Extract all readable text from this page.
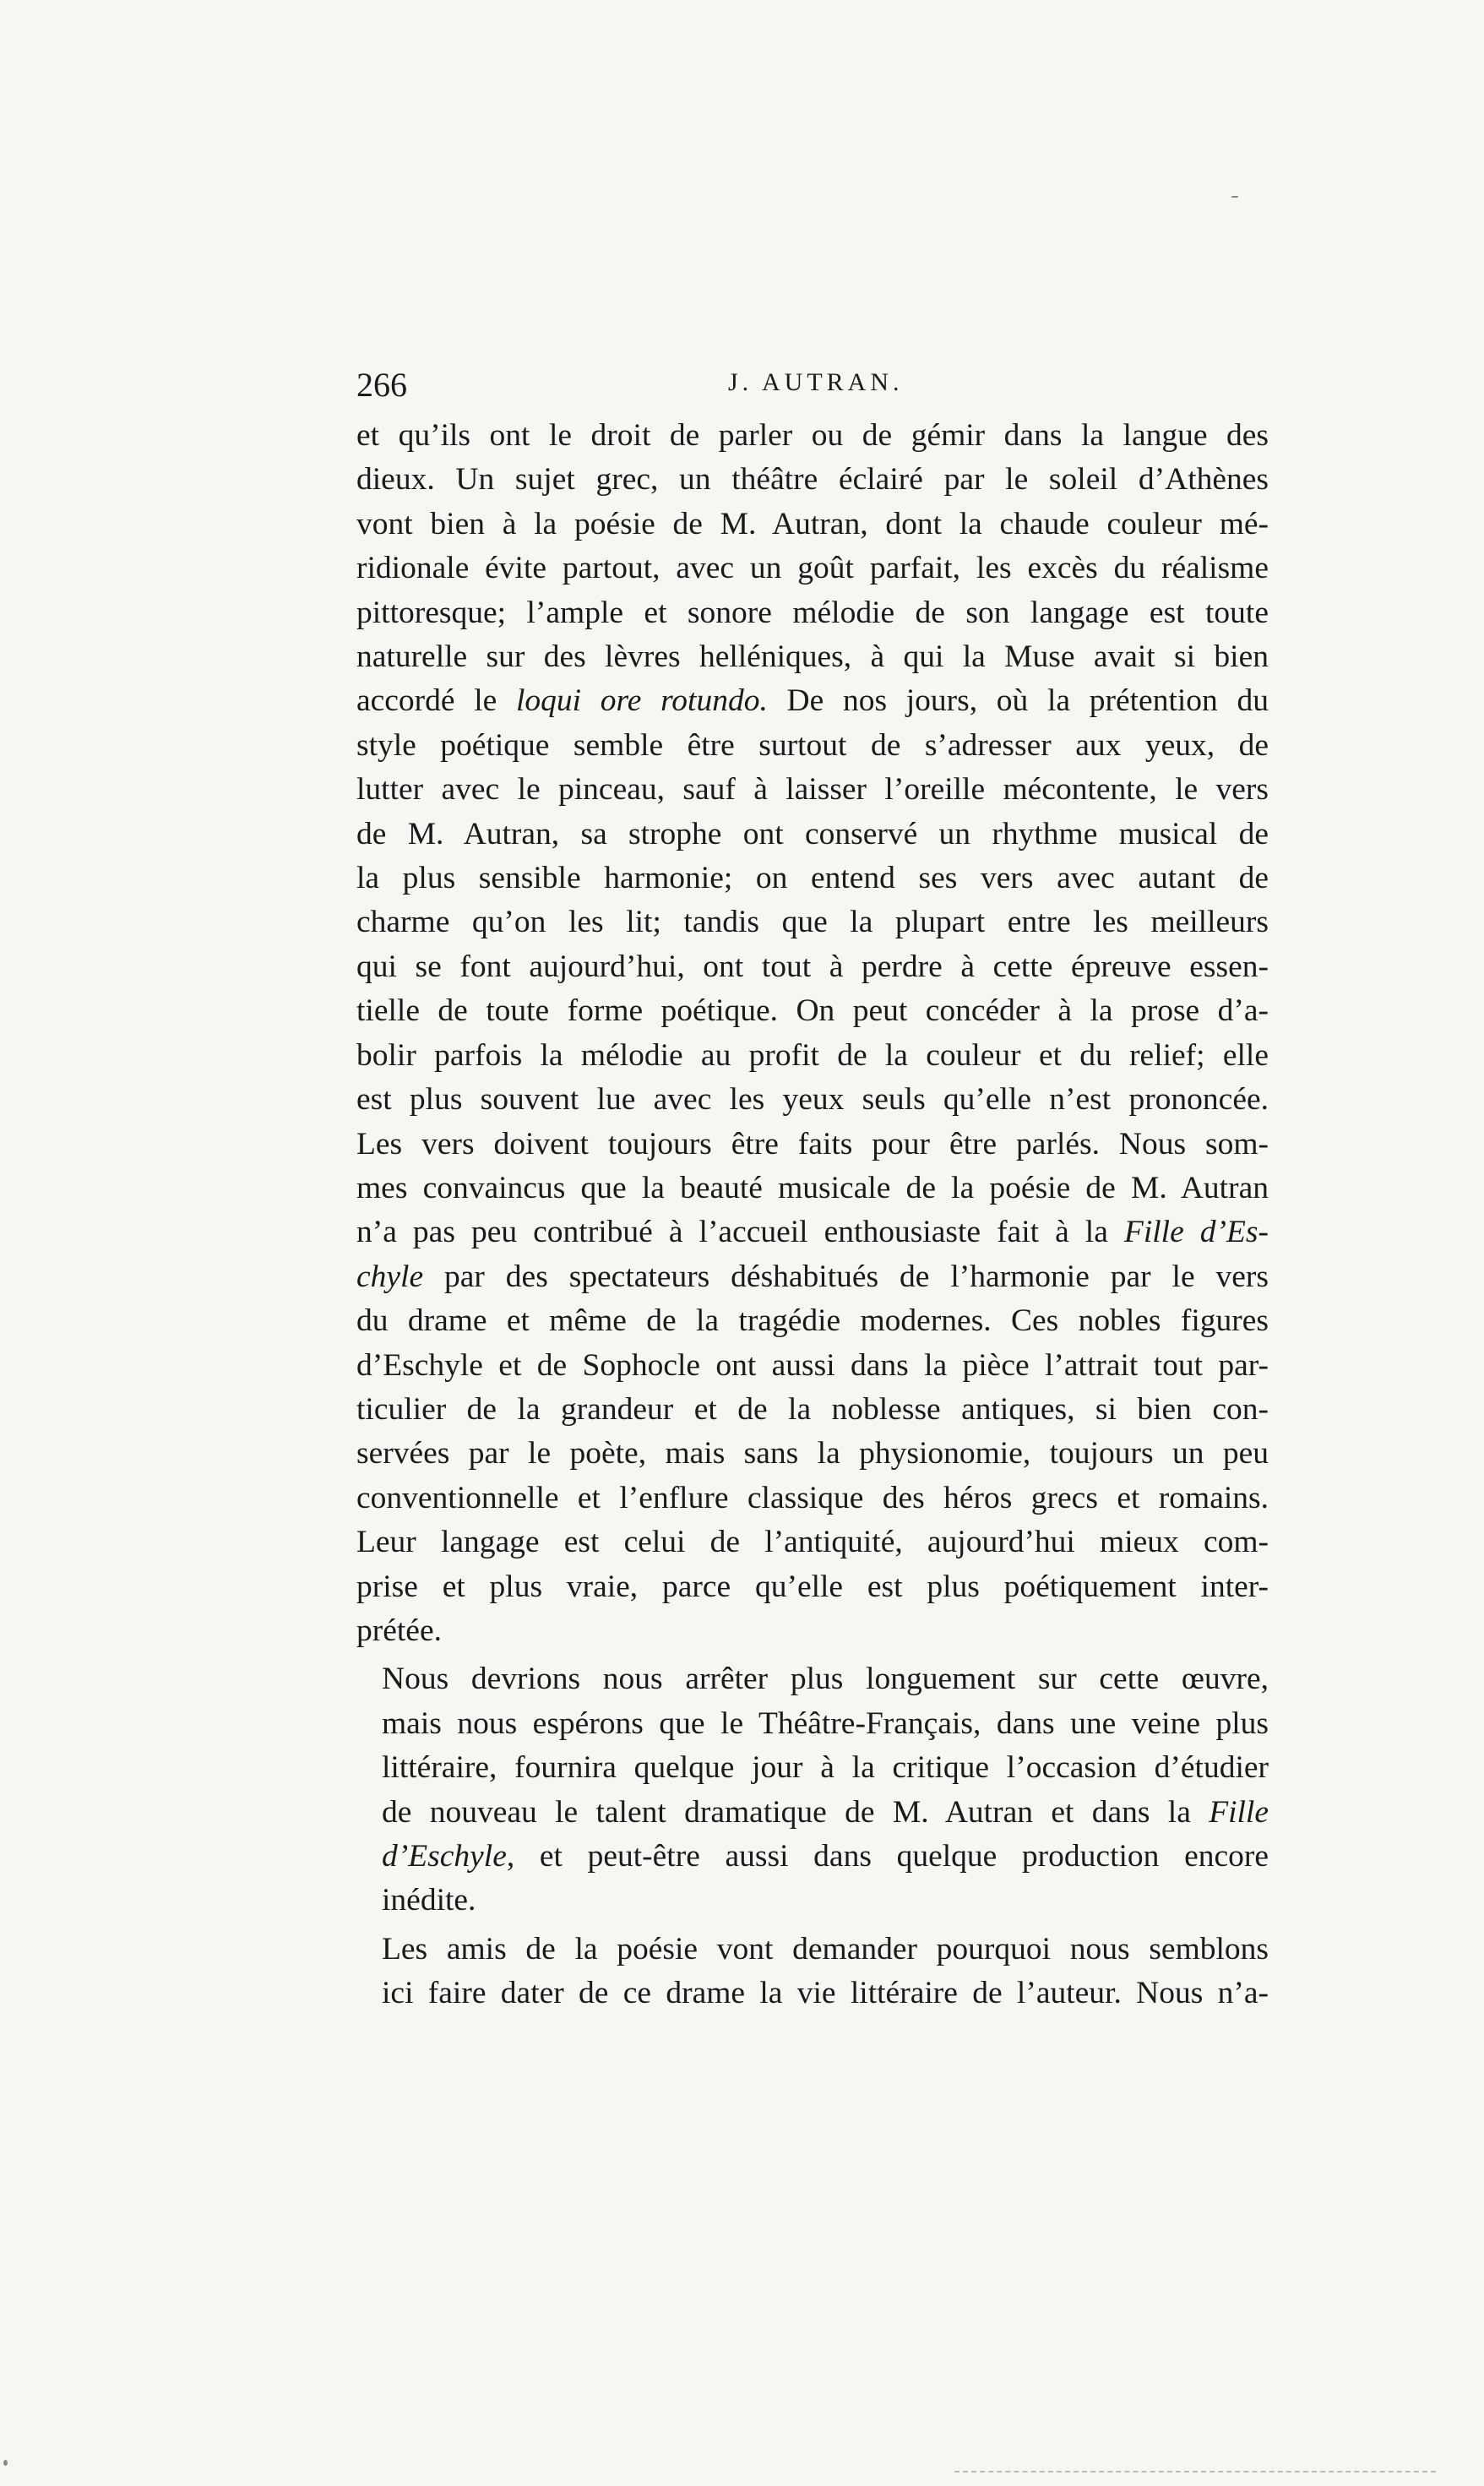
266	J. AUTRAN.
et qu’ils ont le droit de parler ou de gémir dans la langue des
dieux. Un sujet grec, un théâtre éclairé par le soleil d’Athènes
vont bien à la poésie de M. Autran, dont la chaude couleur mé-
ridionale évite partout, avec un goût parfait, les excès du réalisme
pittoresque; l’ample et sonore mélodie de son langage est toute
naturelle sur des lèvres helléniques, à qui la Muse avait si bien
accordé le loqui ore rotundo. De nos jours, où la prétention du
style poétique semble être surtout de s’adresser aux yeux, de
lutter avec le pinceau, sauf à laisser l’oreille mécontente, le vers
de M. Autran, sa strophe ont conservé un rhythme musical de
la plus sensible harmonie; on entend ses vers avec autant de
charme qu’on les lit; tandis que la plupart entre les meilleurs
qui se font aujourd’hui, ont tout à perdre à cette épreuve essen-
tielle de toute forme poétique. On peut concéder à la prose d’a-
bolir parfois la mélodie au profit de la couleur et du relief; elle
est plus souvent lue avec les yeux seuls qu’elle n’est prononcée.
Les vers doivent toujours être faits pour être parlés. Nous som-
mes convaincus que la beauté musicale de la poésie de M. Autran
n’a pas peu contribué à l’accueil enthousiaste fait à la Fille d’Es-
chyle par des spectateurs déshabitués de l’harmonie par le vers
du drame et même de la tragédie modernes. Ces nobles figures
d’Eschyle et de Sophocle ont aussi dans la pièce l’attrait tout par-
ticulier de la grandeur et de la noblesse antiques, si bien con-
servées par le poète, mais sans la physionomie, toujours un peu
conventionnelle et l’enflure classique des héros grecs et romains.
Leur langage est celui de l’antiquité, aujourd’hui mieux com-
prise et plus vraie, parce qu’elle est plus poétiquement inter-
prétée.
Nous devrions nous arrêter plus longuement sur cette œuvre,
mais nous espérons que le Théâtre-Français, dans une veine plus
littéraire, fournira quelque jour à la critique l’occasion d’étudier
de nouveau le talent dramatique de M. Autran et dans la Fille
d’Eschyle, et peut-être aussi dans quelque production encore
inédite.
Les amis de la poésie vont demander pourquoi nous semblons
ici faire dater de ce drame la vie littéraire de l’auteur. Nous n’a-
